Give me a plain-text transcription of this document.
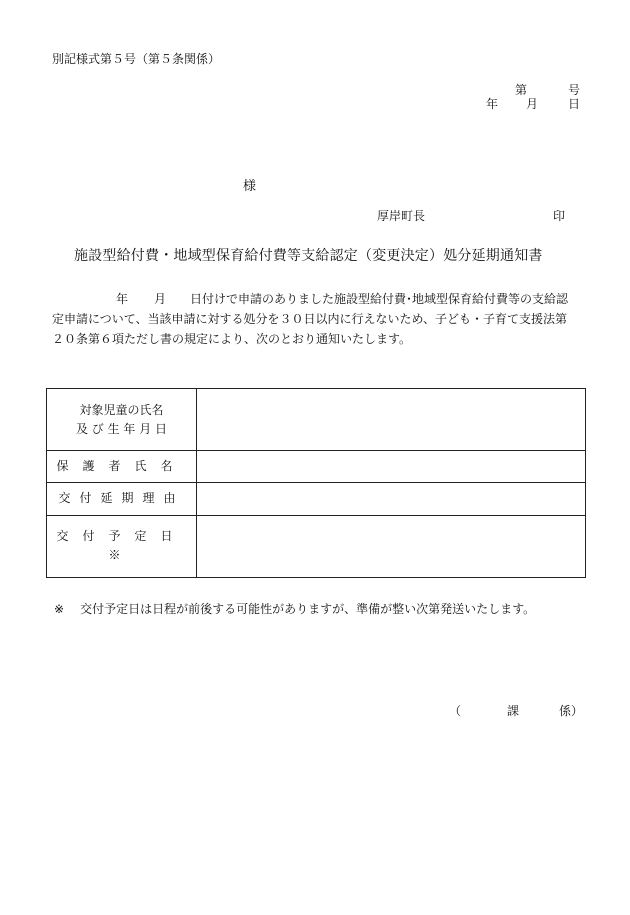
別記様式第５号（第５条関係）
第	号
年 月 日
様
厚岸町長	印
施設型給付費・地域型保育給付費等支給認定（変更決定）処分延期通知書
年 月 日付けで申請のありました施設型給付費･地域型保育給付費等の支給認
定申請について、当該申請に対する処分を３０日以内に行えないため、子ども・子育て支援法第
２０条第６項ただし書の規定により、次のとおり通知いたします。
対象児童の氏名
及 び 生 年 月 日	

保護者氏名	
交付延期理由	
交付予定日※	
※ 交付予定日は日程が前後する可能性がありますが、準備が整い次第発送いたします。
（	課	係）
